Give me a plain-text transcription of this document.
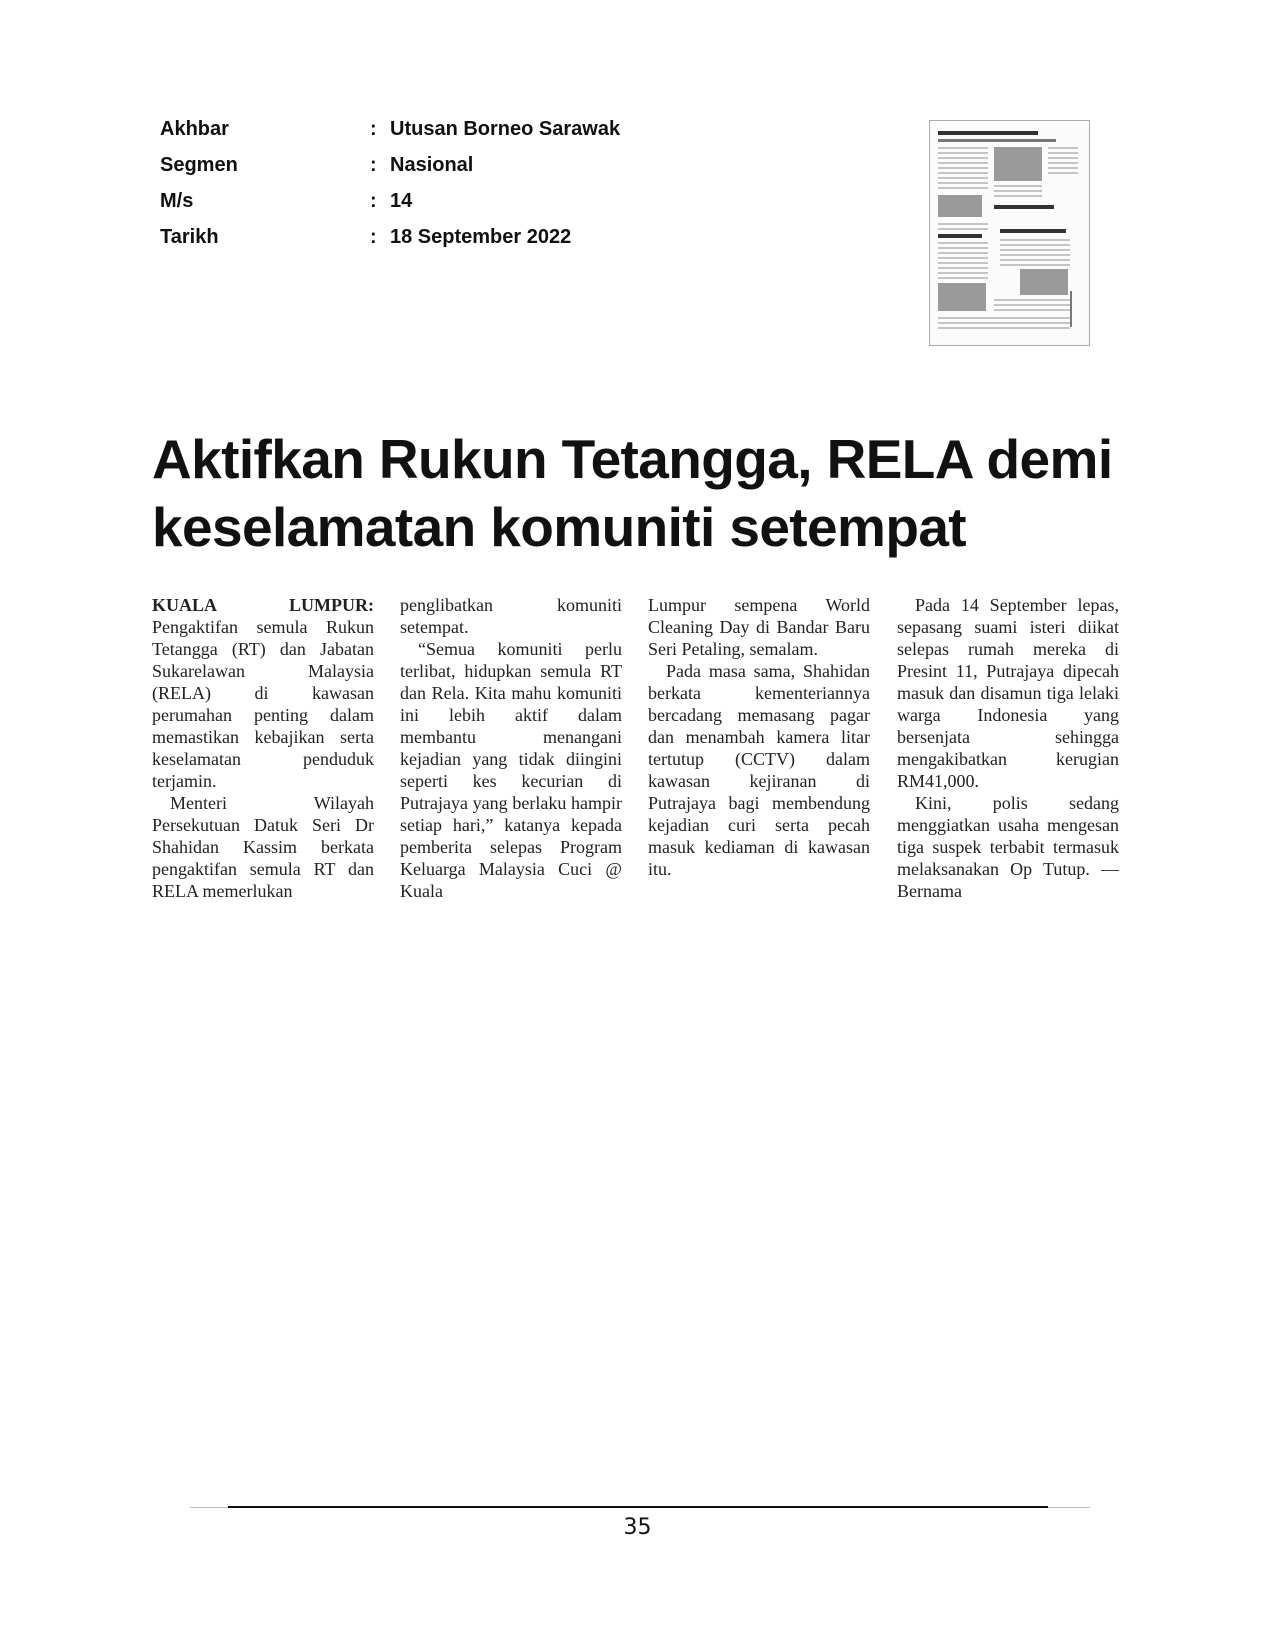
Akhbar	: Utusan Borneo Sarawak
Segmen	: Nasional
M/s	: 14
Tarikh	: 18 September 2022
Aktifkan Rukun Tetangga, RELA demi
keselamatan komuniti setempat

KUALA LUMPUR: Pengaktifan semula Rukun Tetangga (RT) dan Jabatan Sukarelawan Malaysia (RELA) di kawasan perumahan penting dalam memastikan kebajikan serta keselamatan penduduk terjamin.

Menteri Wilayah Persekutuan Datuk Seri Dr Shahidan Kassim berkata pengaktifan semula RT dan RELA memerlukan

penglibatkan komuniti setempat.

“Semua komuniti perlu terlibat, hidupkan semula RT dan Rela. Kita mahu komuniti ini lebih aktif dalam membantu menangani kejadian yang tidak diingini seperti kes kecurian di Putrajaya yang berlaku hampir setiap hari,” katanya kepada pemberita selepas Program Keluarga Malaysia Cuci @ Kuala

Lumpur sempena World Cleaning Day di Bandar Baru Seri Petaling, semalam.

Pada masa sama, Shahidan berkata kementeriannya bercadang memasang pagar dan menambah kamera litar tertutup (CCTV) dalam kawasan kejiranan di Putrajaya bagi membendung kejadian curi serta pecah masuk kediaman di kawasan itu.

Pada 14 September lepas, sepasang suami isteri diikat selepas rumah mereka di Presint 11, Putrajaya dipecah masuk dan disamun tiga lelaki warga Indonesia yang bersenjata sehingga mengakibatkan kerugian RM41,000.

Kini, polis sedang menggiatkan usaha mengesan tiga suspek terbabit termasuk melaksanakan Op Tutup. — Bernama

35
